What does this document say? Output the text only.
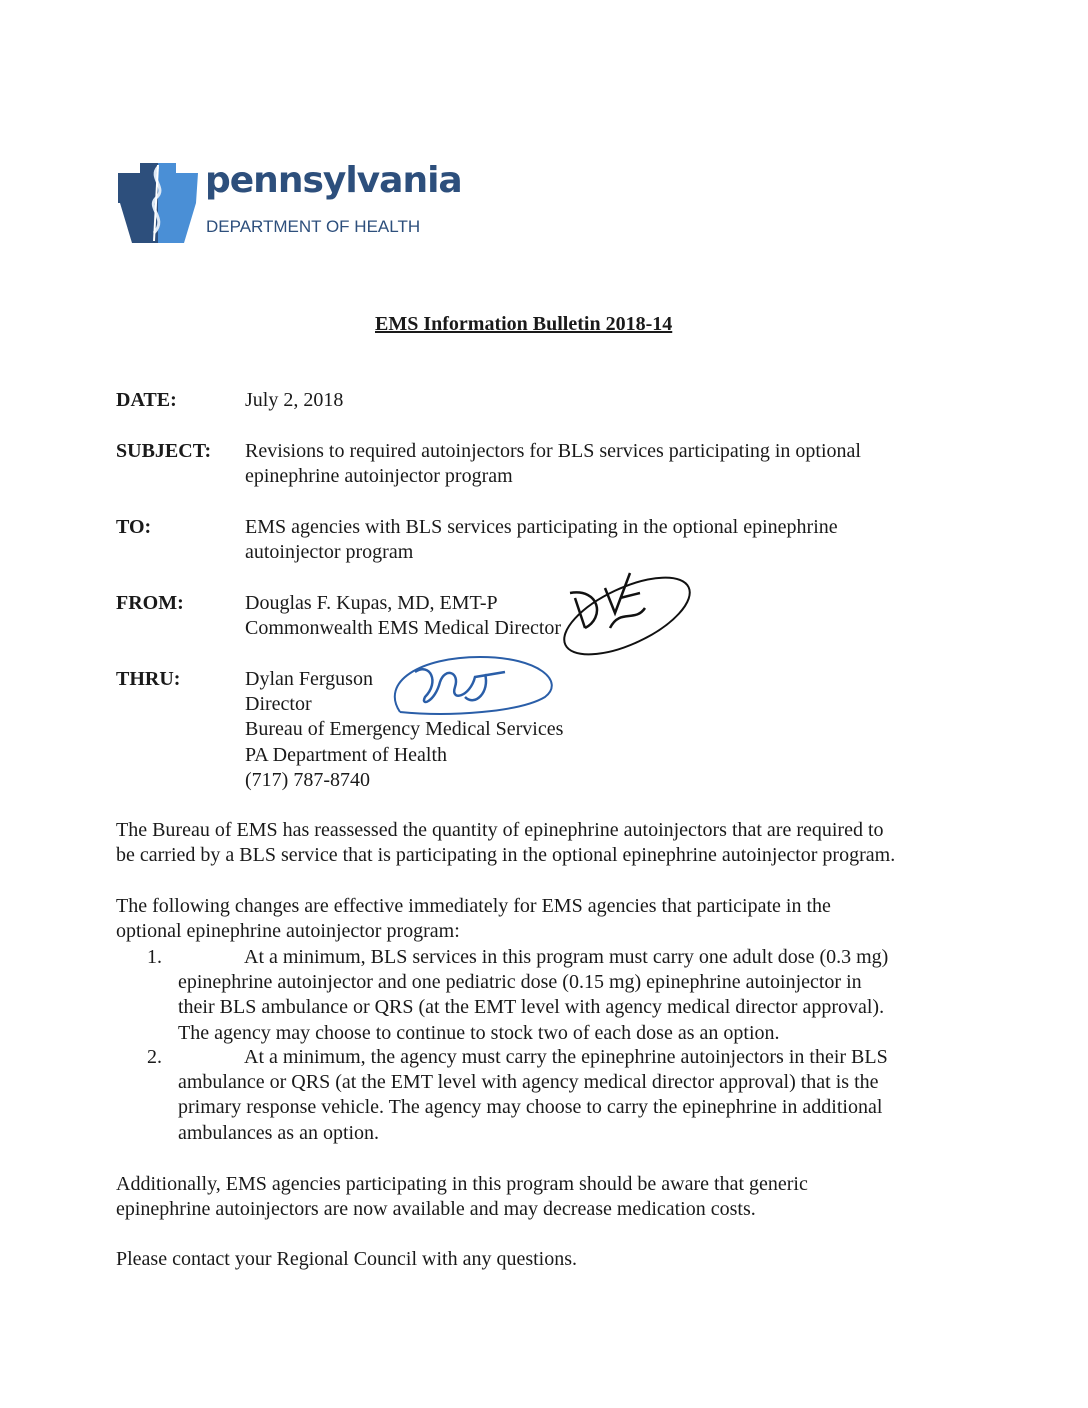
pennsylvania
DEPARTMENT OF HEALTH
EMS Information Bulletin 2018-14
DATE:	July 2, 2018
SUBJECT: Revisions to required autoinjectors for BLS services participating in optional
epinephrine autoinjector program
TO:	EMS agencies with BLS services participating in the optional epinephrine
autoinjector program
FROM:	Douglas F. Kupas, MD, EMT-P
Commonwealth EMS Medical Director
THRU:	Dylan Ferguson
Director
Bureau of Emergency Medical Services
PA Department of Health
(717) 787-8740
The Bureau of EMS has reassessed the quantity of epinephrine autoinjectors that are required to
be carried by a BLS service that is participating in the optional epinephrine autoinjector program.
The following changes are effective immediately for EMS agencies that participate in the
optional epinephrine autoinjector program:
1.	At a minimum, BLS services in this program must carry one adult dose (0.3 mg)
epinephrine autoinjector and one pediatric dose (0.15 mg) epinephrine autoinjector in
their BLS ambulance or QRS (at the EMT level with agency medical director approval).
The agency may choose to continue to stock two of each dose as an option.
2.	At a minimum, the agency must carry the epinephrine autoinjectors in their BLS
ambulance or QRS (at the EMT level with agency medical director approval) that is the
primary response vehicle. The agency may choose to carry the epinephrine in additional
ambulances as an option.
Additionally, EMS agencies participating in this program should be aware that generic
epinephrine autoinjectors are now available and may decrease medication costs.
Please contact your Regional Council with any questions.
